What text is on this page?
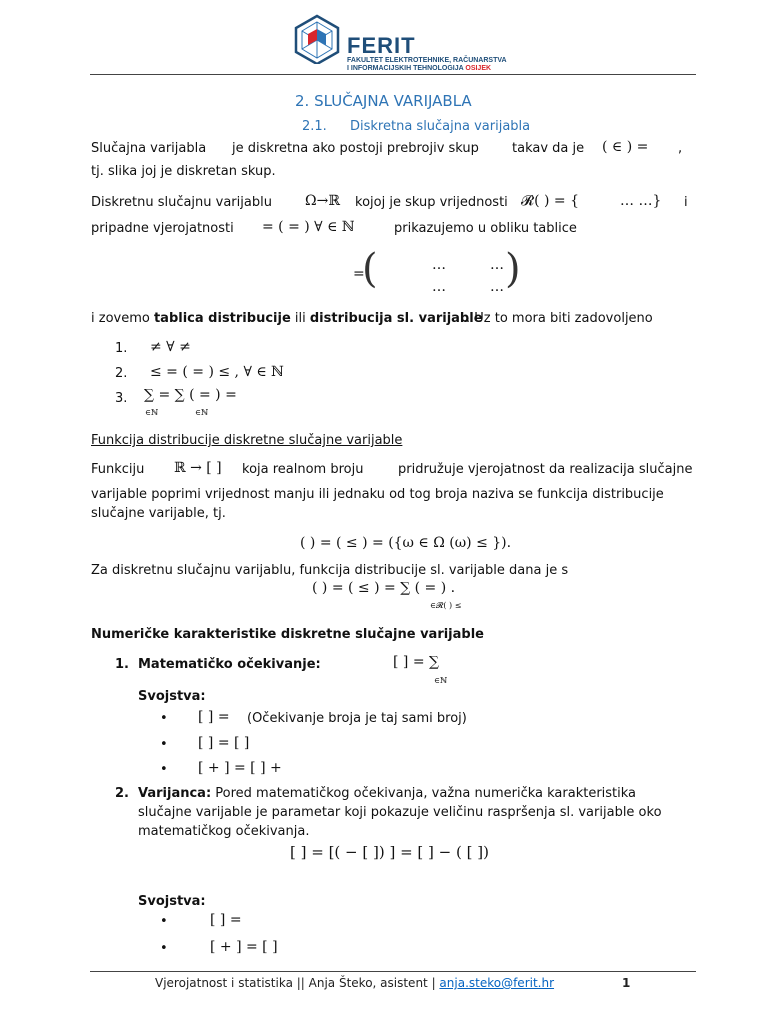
FERIT
FAKULTET ELEKTROTEHNIKE, RAČUNARSTVA
I INFORMACIJSKIH TEHNOLOGIJA OSIJEK
2. SLUČAJNA VARIJABLA
2.1. Diskretna slučajna varijabla
Slučajna varijabla je diskretna ako postoji prebrojiv skup	takav da je ( ∈ ) = ,
tj. slika joj je diskretan skup.
Diskretnu slučajnu varijablu Ω→ℝ kojoj je skup vrijednosti 𝓡( ) = {	… …} i
pripadne vjerojatnosti = ( = ) ∀ ∈ ℕ	prikazujemo u obliku tablice
=
(	…	…
…	… )
i zovemo tablica distribucije ili distribucija sl. varijable
. Uz to mora biti zadovoljeno
1. ≠ ∀ ≠
2. ≤ = ( = ) ≤ , ∀ ∈ ℕ
3. ∑ = ∑ ( = ) =
∈ℕ	∈ℕ
Funkcija distribucije diskretne slučajne varijable
Funkciju ℝ → [ ] koja realnom broju	pridružuje vjerojatnost da realizacija slučajne
varijable poprimi vrijednost manju ili jednaku od tog broja naziva se funkcija distribucije
slučajne varijable, tj.
( ) = ( ≤ ) = ({ω ∈ Ω (ω) ≤ }).
Za diskretnu slučajnu varijablu, funkcija distribucije sl. varijable dana je s
( ) = ( ≤ ) = ∑ ( = ) .
∈𝓡( ) ≤
Numeričke karakteristike diskretne slučajne varijable
1. Matematičko očekivanje:	[ ] = ∑
∈ℕ
Svojstva:
• [ ] = (Očekivanje broja je taj sami broj)
• [ ] = [ ]
• [ + ] = [ ] +
2. Varijanca: Pored matematičkog očekivanja, važna numerička karakteristika
slučajne varijable je parametar koji pokazuje veličinu raspršenja sl. varijable oko
matematičkog očekivanja.
[ ] = [( − [ ]) ] = [ ] − ( [ ])
Svojstva:
•	[ ] =
•	[ + ] = [ ]
Vjerojatnost i statistika || Anja Šteko, asistent | anja.steko@ferit.hr	1
